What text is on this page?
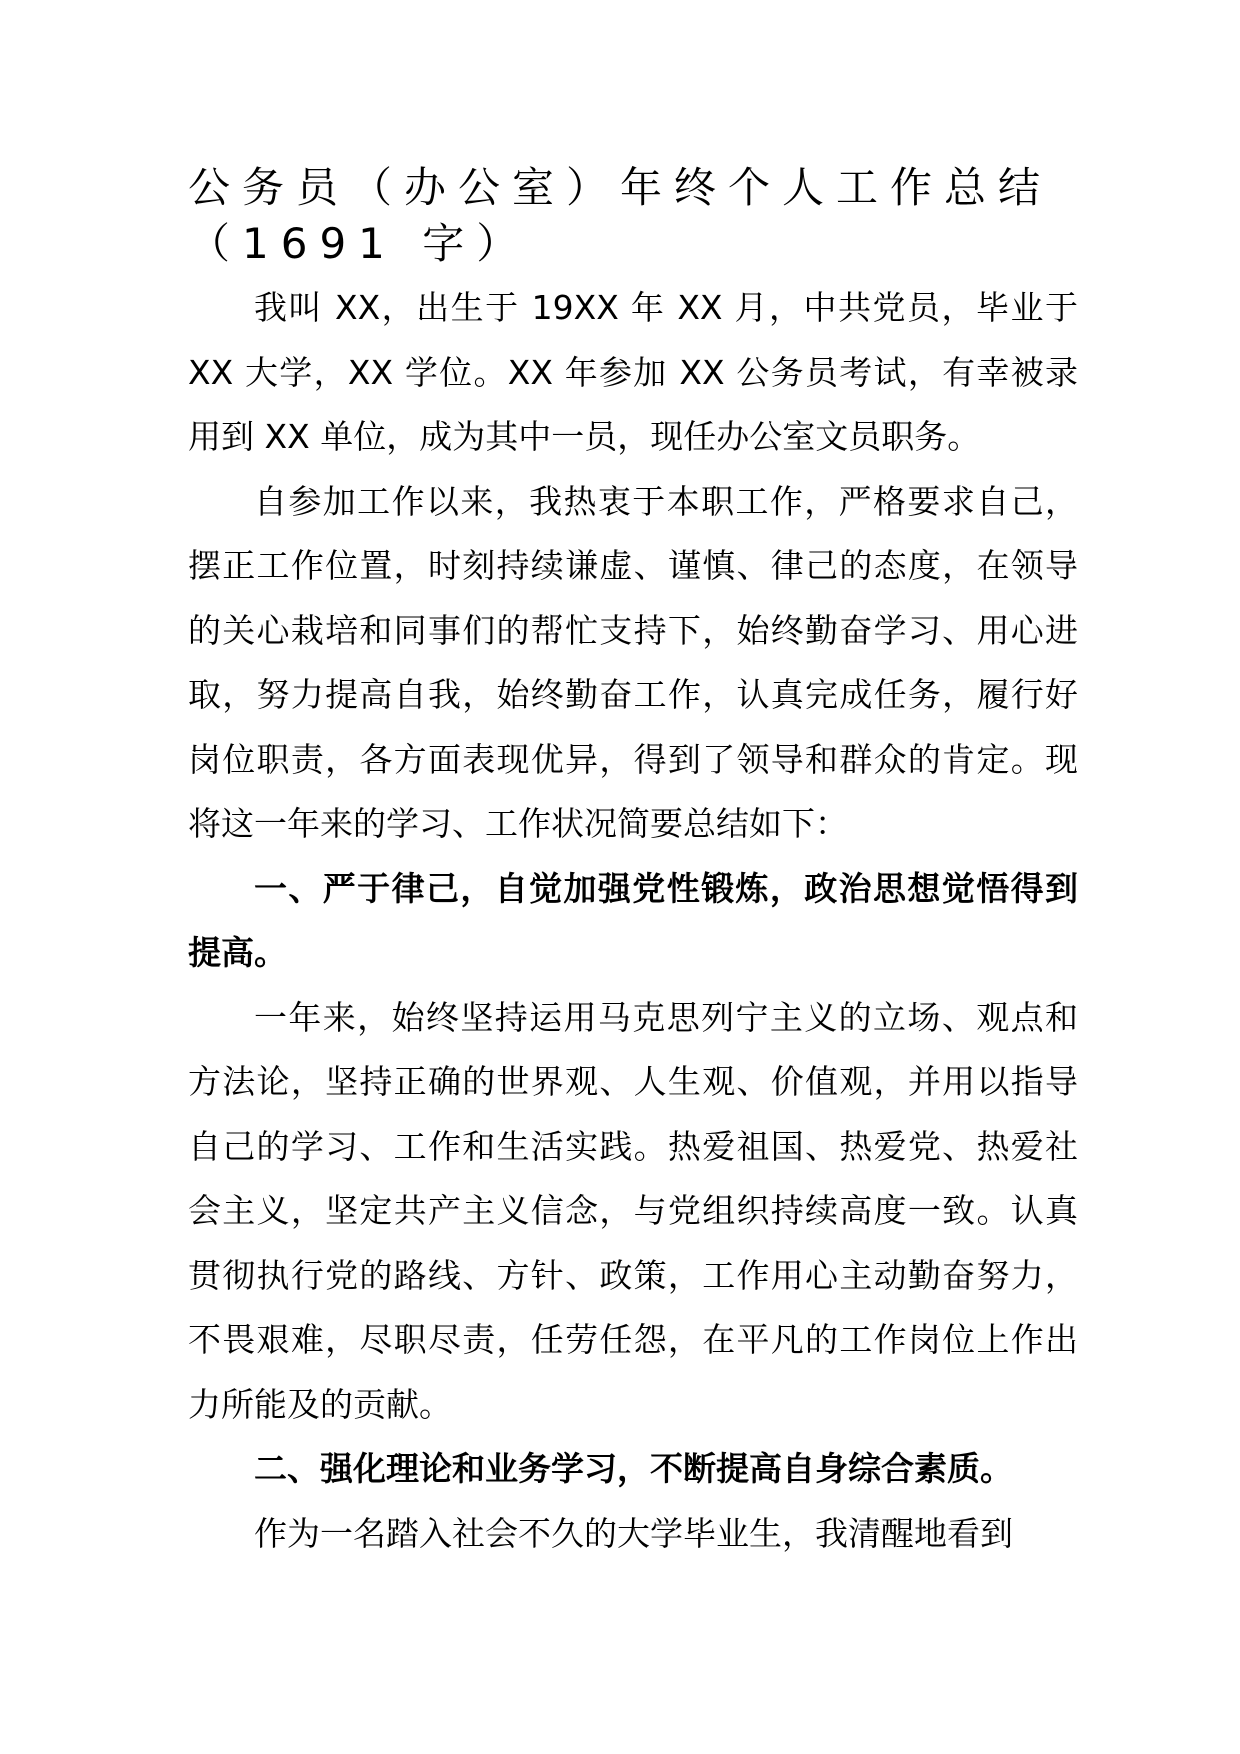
公务员（办公室）年终个人工作总结（1691 字）

我叫 XX，出生于 19XX 年 XX 月，中共党员，毕业于 XX 大学，XX 学位。XX 年参加 XX 公务员考试，有幸被录用到 XX 单位，成为其中一员，现任办公室文员职务。

自参加工作以来，我热衷于本职工作，严格要求自己，摆正工作位置，时刻持续谦虚、谨慎、律己的态度，在领导的关心栽培和同事们的帮忙支持下，始终勤奋学习、用心进取，努力提高自我，始终勤奋工作，认真完成任务，履行好岗位职责，各方面表现优异，得到了领导和群众的肯定。现将这一年来的学习、工作状况简要总结如下：

一、严于律己，自觉加强党性锻炼，政治思想觉悟得到提高。

一年来，始终坚持运用马克思列宁主义的立场、观点和方法论，坚持正确的世界观、人生观、价值观，并用以指导自己的学习、工作和生活实践。热爱祖国、热爱党、热爱社会主义，坚定共产主义信念，与党组织持续高度一致。认真贯彻执行党的路线、方针、政策，工作用心主动勤奋努力，不畏艰难，尽职尽责，任劳任怨，在平凡的工作岗位上作出力所能及的贡献。

二、强化理论和业务学习，不断提高自身综合素质。

作为一名踏入社会不久的大学毕业生，我清醒地看到
